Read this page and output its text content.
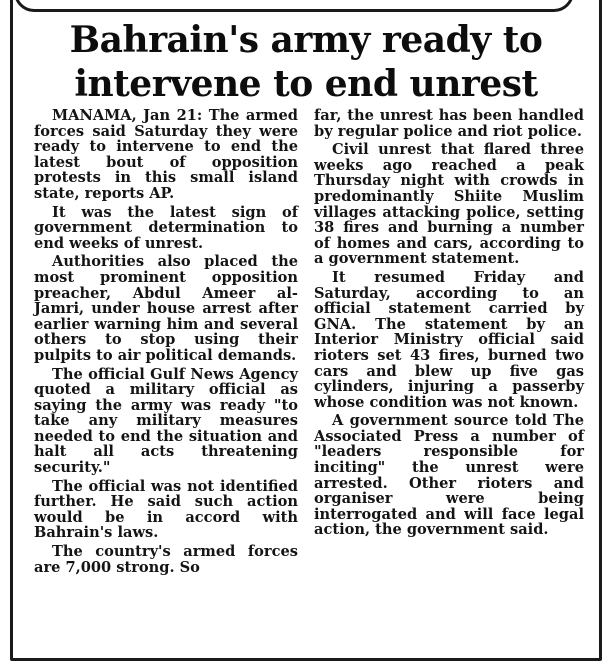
Bahrain's army ready to
intervene to end unrest

MANAMA, Jan 21: The armed forces said Saturday they were ready to intervene to end the latest bout of opposition protests in this small island state, reports AP.

It was the latest sign of government determination to end weeks of unrest.

Authorities also placed the most prominent opposition preacher, Abdul Ameer al-Jamri, under house arrest after earlier warning him and several others to stop using their pulpits to air political demands.

The official Gulf News Agency quoted a military official as saying the army was ready "to take any military measures needed to end the situation and halt all acts threatening security."

The official was not identified further. He said such action would be in accord with Bahrain's laws.

The country's armed forces are 7,000 strong. So

far, the unrest has been handled by regular police and riot police.

Civil unrest that flared three weeks ago reached a peak Thursday night with crowds in predominantly Shiite Muslim villages attacking police, setting 38 fires and burning a number of homes and cars, according to a government statement.

It resumed Friday and Saturday, according to an official statement carried by GNA. The statement by an Interior Ministry official said rioters set 43 fires, burned two cars and blew up five gas cylinders, injuring a passerby whose condition was not known.

A government source told The Associated Press a number of "leaders responsible for inciting" the unrest were arrested. Other rioters and organiser were being interrogated and will face legal action, the government said.
